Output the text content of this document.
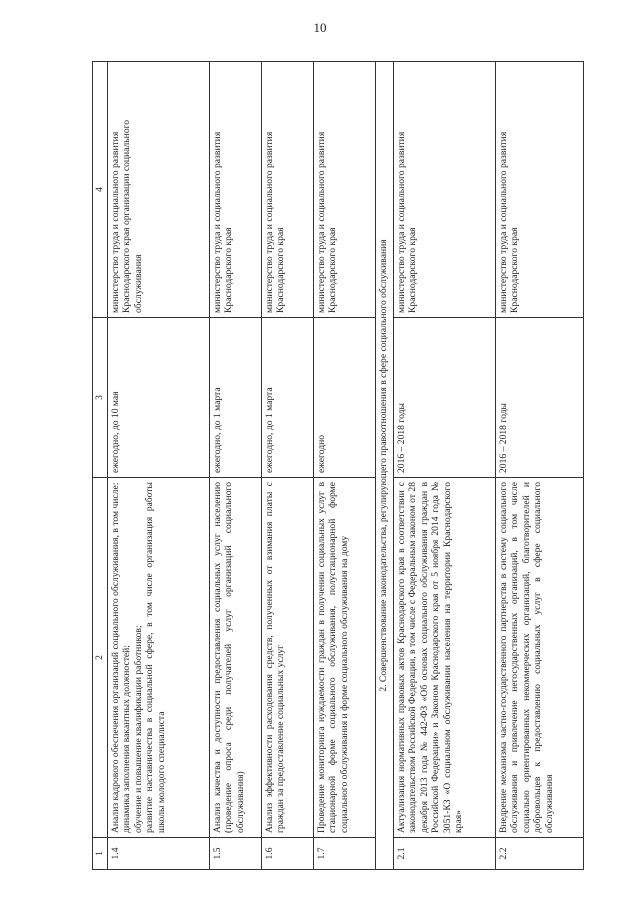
10
1	2	3	4
1.4	Анализ кадрового обеспечения организаций социального обслуживания, в том числе: динамика заполнения вакантных должностей; обучение и повышение квалификации работников; развитие наставничества в социальной сфере, в том числе организация работы школы молодого специалиста	ежегодно, до 10 мая	министерство труда и социального развития Краснодарского края организации социального обслуживания
1.5	Анализ качества и доступности предоставления социальных услуг населению (проведение опроса среди получателей услуг организаций социального обслуживания)	ежегодно, до 1 марта	министерство труда и социального развития Краснодарского края
1.6	Анализ эффективности расходования средств, полученных от взимания платы с граждан за предоставление социальных услуг	ежегодно, до 1 марта	министерство труда и социального развития Краснодарского края
1.7	Проведение мониторинга нуждаемости граждан в получении социальных услуг в стационарной форме социального обслуживания, полустационарной форме социального обслуживания и форме социального обслуживания на дому	ежегодно	министерство труда и социального развития Краснодарского края
2. Совершенствование законодательства, регулирующего правоотношения в сфере социального обслуживания			
2.1	Актуализация нормативных правовых актов Краснодарского края в соответствии с законодательством Российской Федерации, в том числе с Федеральным законом от 28 декабря 2013 года № 442-ФЗ «Об основах социального обслуживания граждан в Российской Федерации» и Законом Краснодарского края от 5 ноября 2014 года № 3051-КЗ «О социальном обслуживании населения на территории Краснодарского края»	2016 – 2018 годы	министерство труда и социального развития Краснодарского края
2.2	Внедрение механизма частно-государственного партнерства в систему социального обслуживания и привлечение негосударственных организаций, в том числе социально ориентированных некоммерческих организаций, благотворителей и добровольцев к предоставлению социальных услуг в сфере социального обслуживания	2016 – 2018 годы	министерство труда и социального развития Краснодарского края
